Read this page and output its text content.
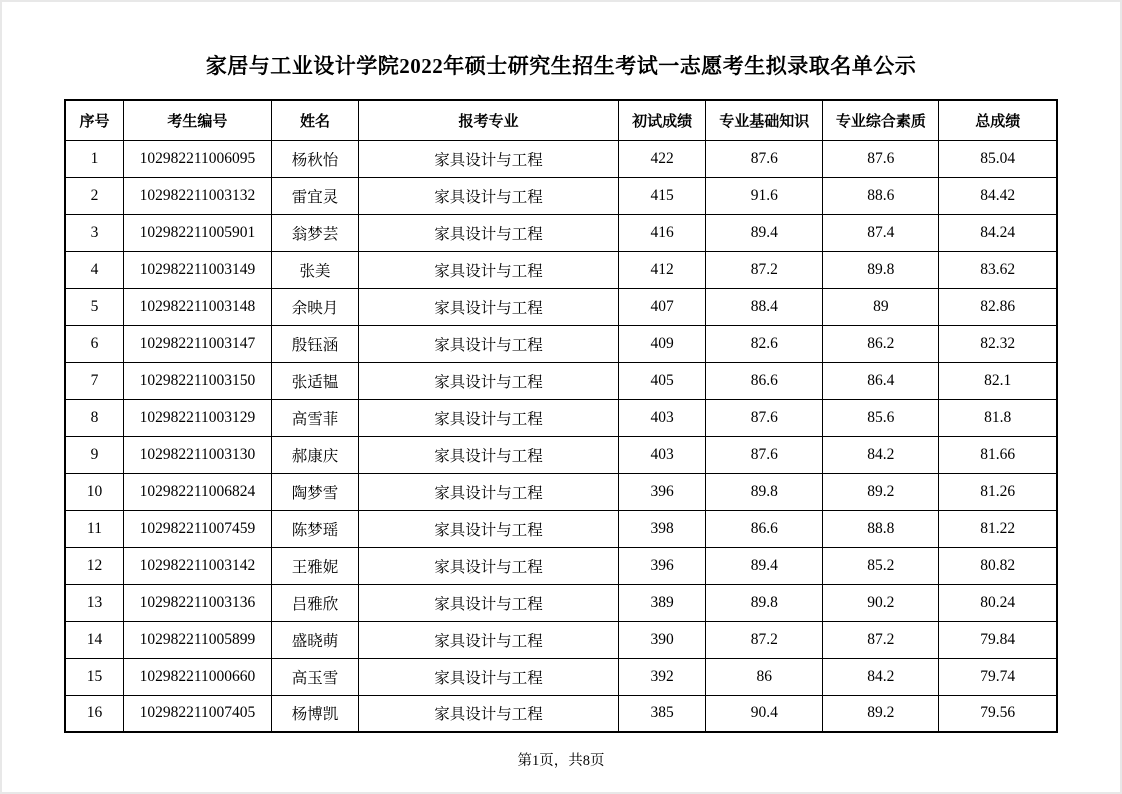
家居与工业设计学院2022年硕士研究生招生考试一志愿考生拟录取名单公示
序号	考生编号	姓名	报考专业	初试成绩	专业基础知识	专业综合素质	总成绩
1	102982211006095	杨秋怡	家具设计与工程	422	87.6	87.6	85.04
2	102982211003132	雷宜灵	家具设计与工程	415	91.6	88.6	84.42
3	102982211005901	翁梦芸	家具设计与工程	416	89.4	87.4	84.24
4	102982211003149	张美	家具设计与工程	412	87.2	89.8	83.62
5	102982211003148	余映月	家具设计与工程	407	88.4	89	82.86
6	102982211003147	殷钰涵	家具设计与工程	409	82.6	86.2	82.32
7	102982211003150	张适韫	家具设计与工程	405	86.6	86.4	82.1
8	102982211003129	高雪菲	家具设计与工程	403	87.6	85.6	81.8
9	102982211003130	郝康庆	家具设计与工程	403	87.6	84.2	81.66
10	102982211006824	陶梦雪	家具设计与工程	396	89.8	89.2	81.26
11	102982211007459	陈梦瑶	家具设计与工程	398	86.6	88.8	81.22
12	102982211003142	王雅妮	家具设计与工程	396	89.4	85.2	80.82
13	102982211003136	吕雅欣	家具设计与工程	389	89.8	90.2	80.24
14	102982211005899	盛晓萌	家具设计与工程	390	87.2	87.2	79.84
15	102982211000660	高玉雪	家具设计与工程	392	86	84.2	79.74
16	102982211007405	杨博凯	家具设计与工程	385	90.4	89.2	79.56
第1页，共8页
